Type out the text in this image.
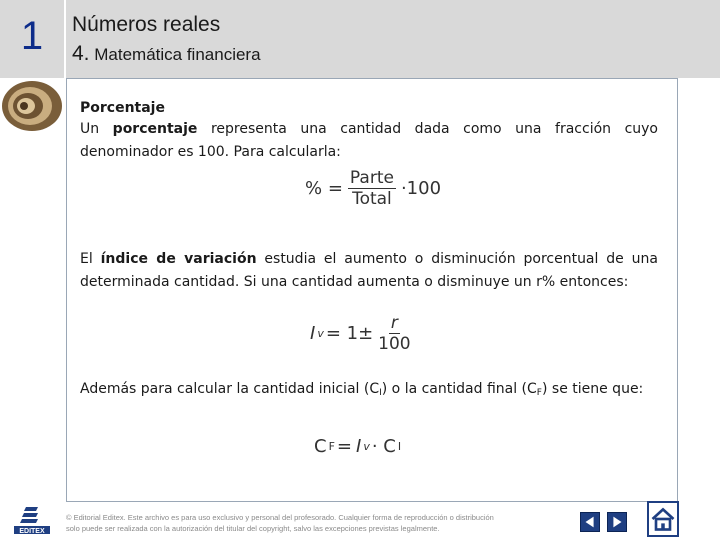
1	Números reales
4. Matemática financiera
Porcentaje
Un porcentaje representa una cantidad dada como una fracción cuyo denominador es 100. Para calcularla:
% = $\frac{\text{Parte}}{\text{Total}} \cdot 100$
El índice de variación estudia el aumento o disminución porcentual de una determinada cantidad. Si una cantidad aumenta o disminuye un r% entonces:
I $v = 1\pm \frac{r}{100}$
Además para calcular la cantidad inicial $(C_I)$ o la cantidad final $(C_F)$ se tiene que:
C F = I v · C I
EDITEX
© Editorial Editex. Este archivo es para uso exclusivo y personal del profesorado. Cualquier forma de reproducción o distribución
solo puede ser realizada con la autorización del titular del copyright, salvo las excepciones previstas legalmente.
